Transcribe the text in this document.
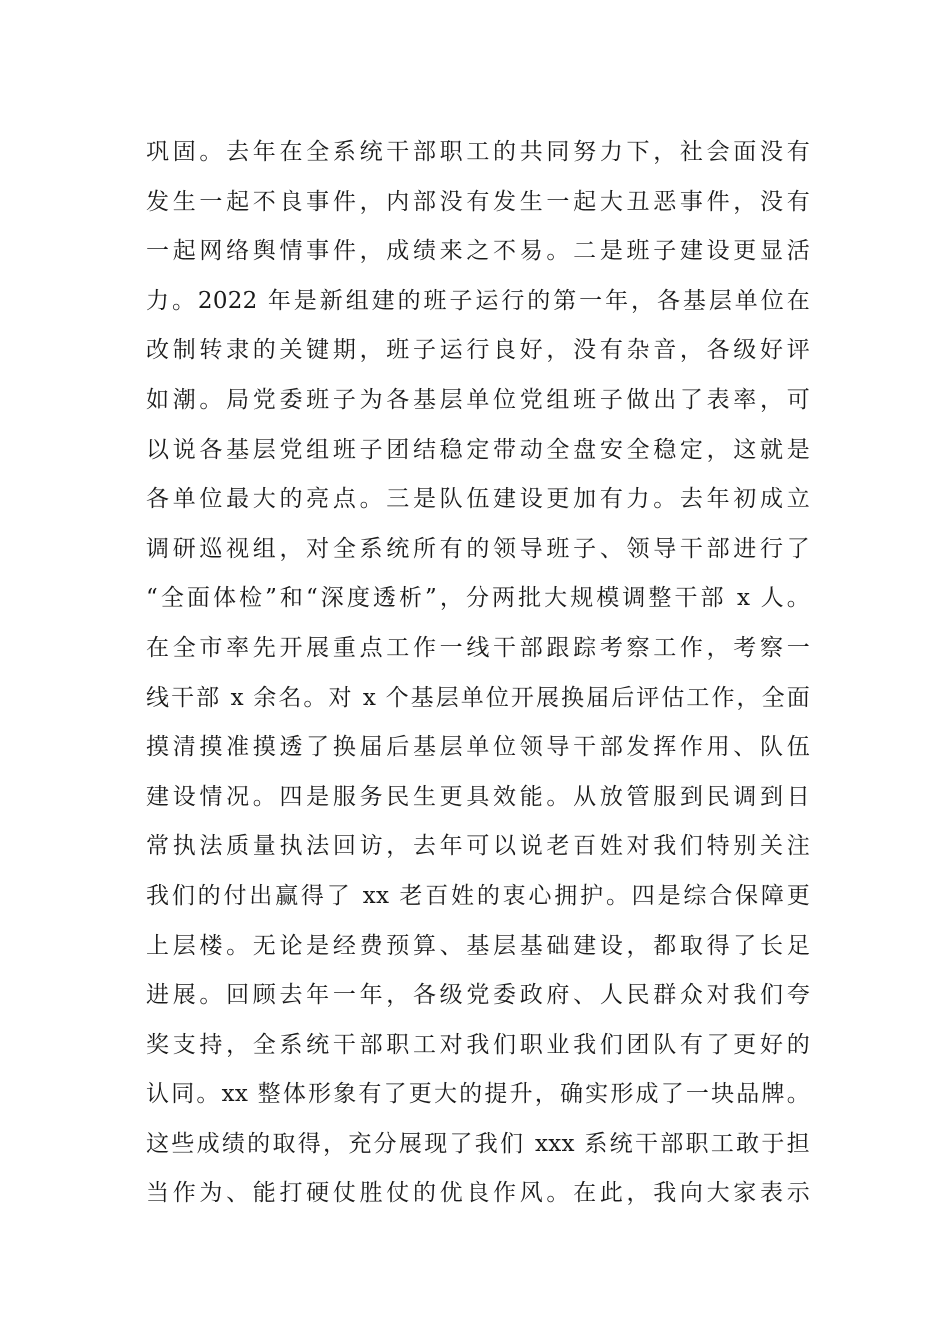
巩固。去年在全系统干部职工的共同努力下，社会面没有
发生一起不良事件，内部没有发生一起大丑恶事件，没有
一起网络舆情事件，成绩来之不易。二是班子建设更显活
力。2022 年是新组建的班子运行的第一年，各基层单位在
改制转隶的关键期，班子运行良好，没有杂音，各级好评
如潮。局党委班子为各基层单位党组班子做出了表率，可
以说各基层党组班子团结稳定带动全盘安全稳定，这就是
各单位最大的亮点。三是队伍建设更加有力。去年初成立
调研巡视组，对全系统所有的领导班子、领导干部进行了
“全面体检”和“深度透析”，分两批大规模调整干部 x 人。
在全市率先开展重点工作一线干部跟踪考察工作，考察一
线干部 x 余名。对 x 个基层单位开展换届后评估工作，全面
摸清摸准摸透了换届后基层单位领导干部发挥作用、队伍
建设情况。四是服务民生更具效能。从放管服到民调到日
常执法质量执法回访，去年可以说老百姓对我们特别关注
我们的付出赢得了 xx 老百姓的衷心拥护。四是综合保障更
上层楼。无论是经费预算、基层基础建设，都取得了长足
进展。回顾去年一年，各级党委政府、人民群众对我们夸
奖支持，全系统干部职工对我们职业我们团队有了更好的
认同。xx 整体形象有了更大的提升，确实形成了一块品牌。
这些成绩的取得，充分展现了我们 xxx 系统干部职工敢于担
当作为、能打硬仗胜仗的优良作风。在此，我向大家表示
